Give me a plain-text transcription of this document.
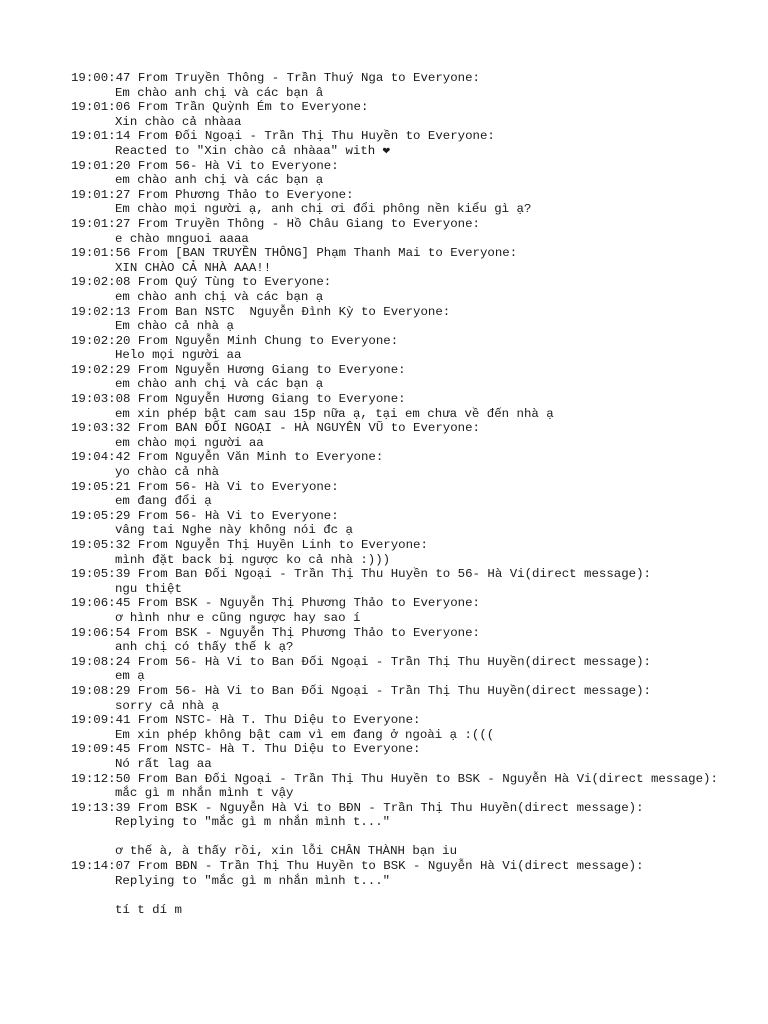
19:00:47 From Truyền Thông - Trần Thuý Nga to Everyone:
Em chào anh chị và các bạn â
19:01:06 From Trần Quỳnh Ém to Everyone:
Xin chào cả nhàaa
19:01:14 From Đối Ngoại - Trần Thị Thu Huyền to Everyone:
Reacted to "Xin chào cả nhàaa" with ❤
19:01:20 From 56- Hà Vi to Everyone:
em chào anh chị và các bạn ạ
19:01:27 From Phương Thảo to Everyone:
Em chào mọi người ạ, anh chị ơi đổi phông nền kiểu gì ạ?
19:01:27 From Truyền Thông - Hồ Châu Giang to Everyone:
e chào mnguoi aaaa
19:01:56 From [BAN TRUYỀN THÔNG] Phạm Thanh Mai to Everyone:
XIN CHÀO CẢ NHÀ AAA!!
19:02:08 From Quý Tùng to Everyone:
em chào anh chị và các bạn ạ
19:02:13 From Ban NSTC  Nguyễn Đình Kỳ to Everyone:
Em chào cả nhà ạ
19:02:20 From Nguyễn Minh Chung to Everyone:
Helo mọi người aa
19:02:29 From Nguyễn Hương Giang to Everyone:
em chào anh chị và các bạn ạ
19:03:08 From Nguyễn Hương Giang to Everyone:
em xin phép bật cam sau 15p nữa ạ, tại em chưa về đến nhà ạ
19:03:32 From BAN ĐỐI NGOẠI - HÀ NGUYÊN VŨ to Everyone:
em chào mọi người aa
19:04:42 From Nguyễn Văn Minh to Everyone:
yo chào cả nhà
19:05:21 From 56- Hà Vi to Everyone:
em đang đổi ạ
19:05:29 From 56- Hà Vi to Everyone:
vâng tai Nghe này không nói đc ạ
19:05:32 From Nguyễn Thị Huyền Linh to Everyone:
mình đặt back bị ngược ko cả nhà :)))
19:05:39 From Ban Đối Ngoại - Trần Thị Thu Huyền to 56- Hà Vi(direct message):
ngu thiệt
19:06:45 From BSK - Nguyễn Thị Phương Thảo to Everyone:
ơ hình như e cũng ngược hay sao í
19:06:54 From BSK - Nguyễn Thị Phương Thảo to Everyone:
anh chị có thấy thế k ạ?
19:08:24 From 56- Hà Vi to Ban Đối Ngoại - Trần Thị Thu Huyền(direct message):
em ạ
19:08:29 From 56- Hà Vi to Ban Đối Ngoại - Trần Thị Thu Huyền(direct message):
sorry cả nhà ạ
19:09:41 From NSTC- Hà T. Thu Diệu to Everyone:
Em xin phép không bật cam vì em đang ở ngoài ạ :(((
19:09:45 From NSTC- Hà T. Thu Diệu to Everyone:
Nó rất lag aa
19:12:50 From Ban Đối Ngoại - Trần Thị Thu Huyền to BSK - Nguyễn Hà Vi(direct message):
mắc gì m nhắn mình t vậy
19:13:39 From BSK - Nguyễn Hà Vi to BĐN - Trần Thị Thu Huyền(direct message):
Replying to "mắc gì m nhắn mình t..."
ơ thế à, à thấy rồi, xin lỗi CHÂN THÀNH bạn iu
19:14:07 From BĐN - Trần Thị Thu Huyền to BSK - Nguyễn Hà Vi(direct message):
Replying to "mắc gì m nhắn mình t..."
tí t dí m
